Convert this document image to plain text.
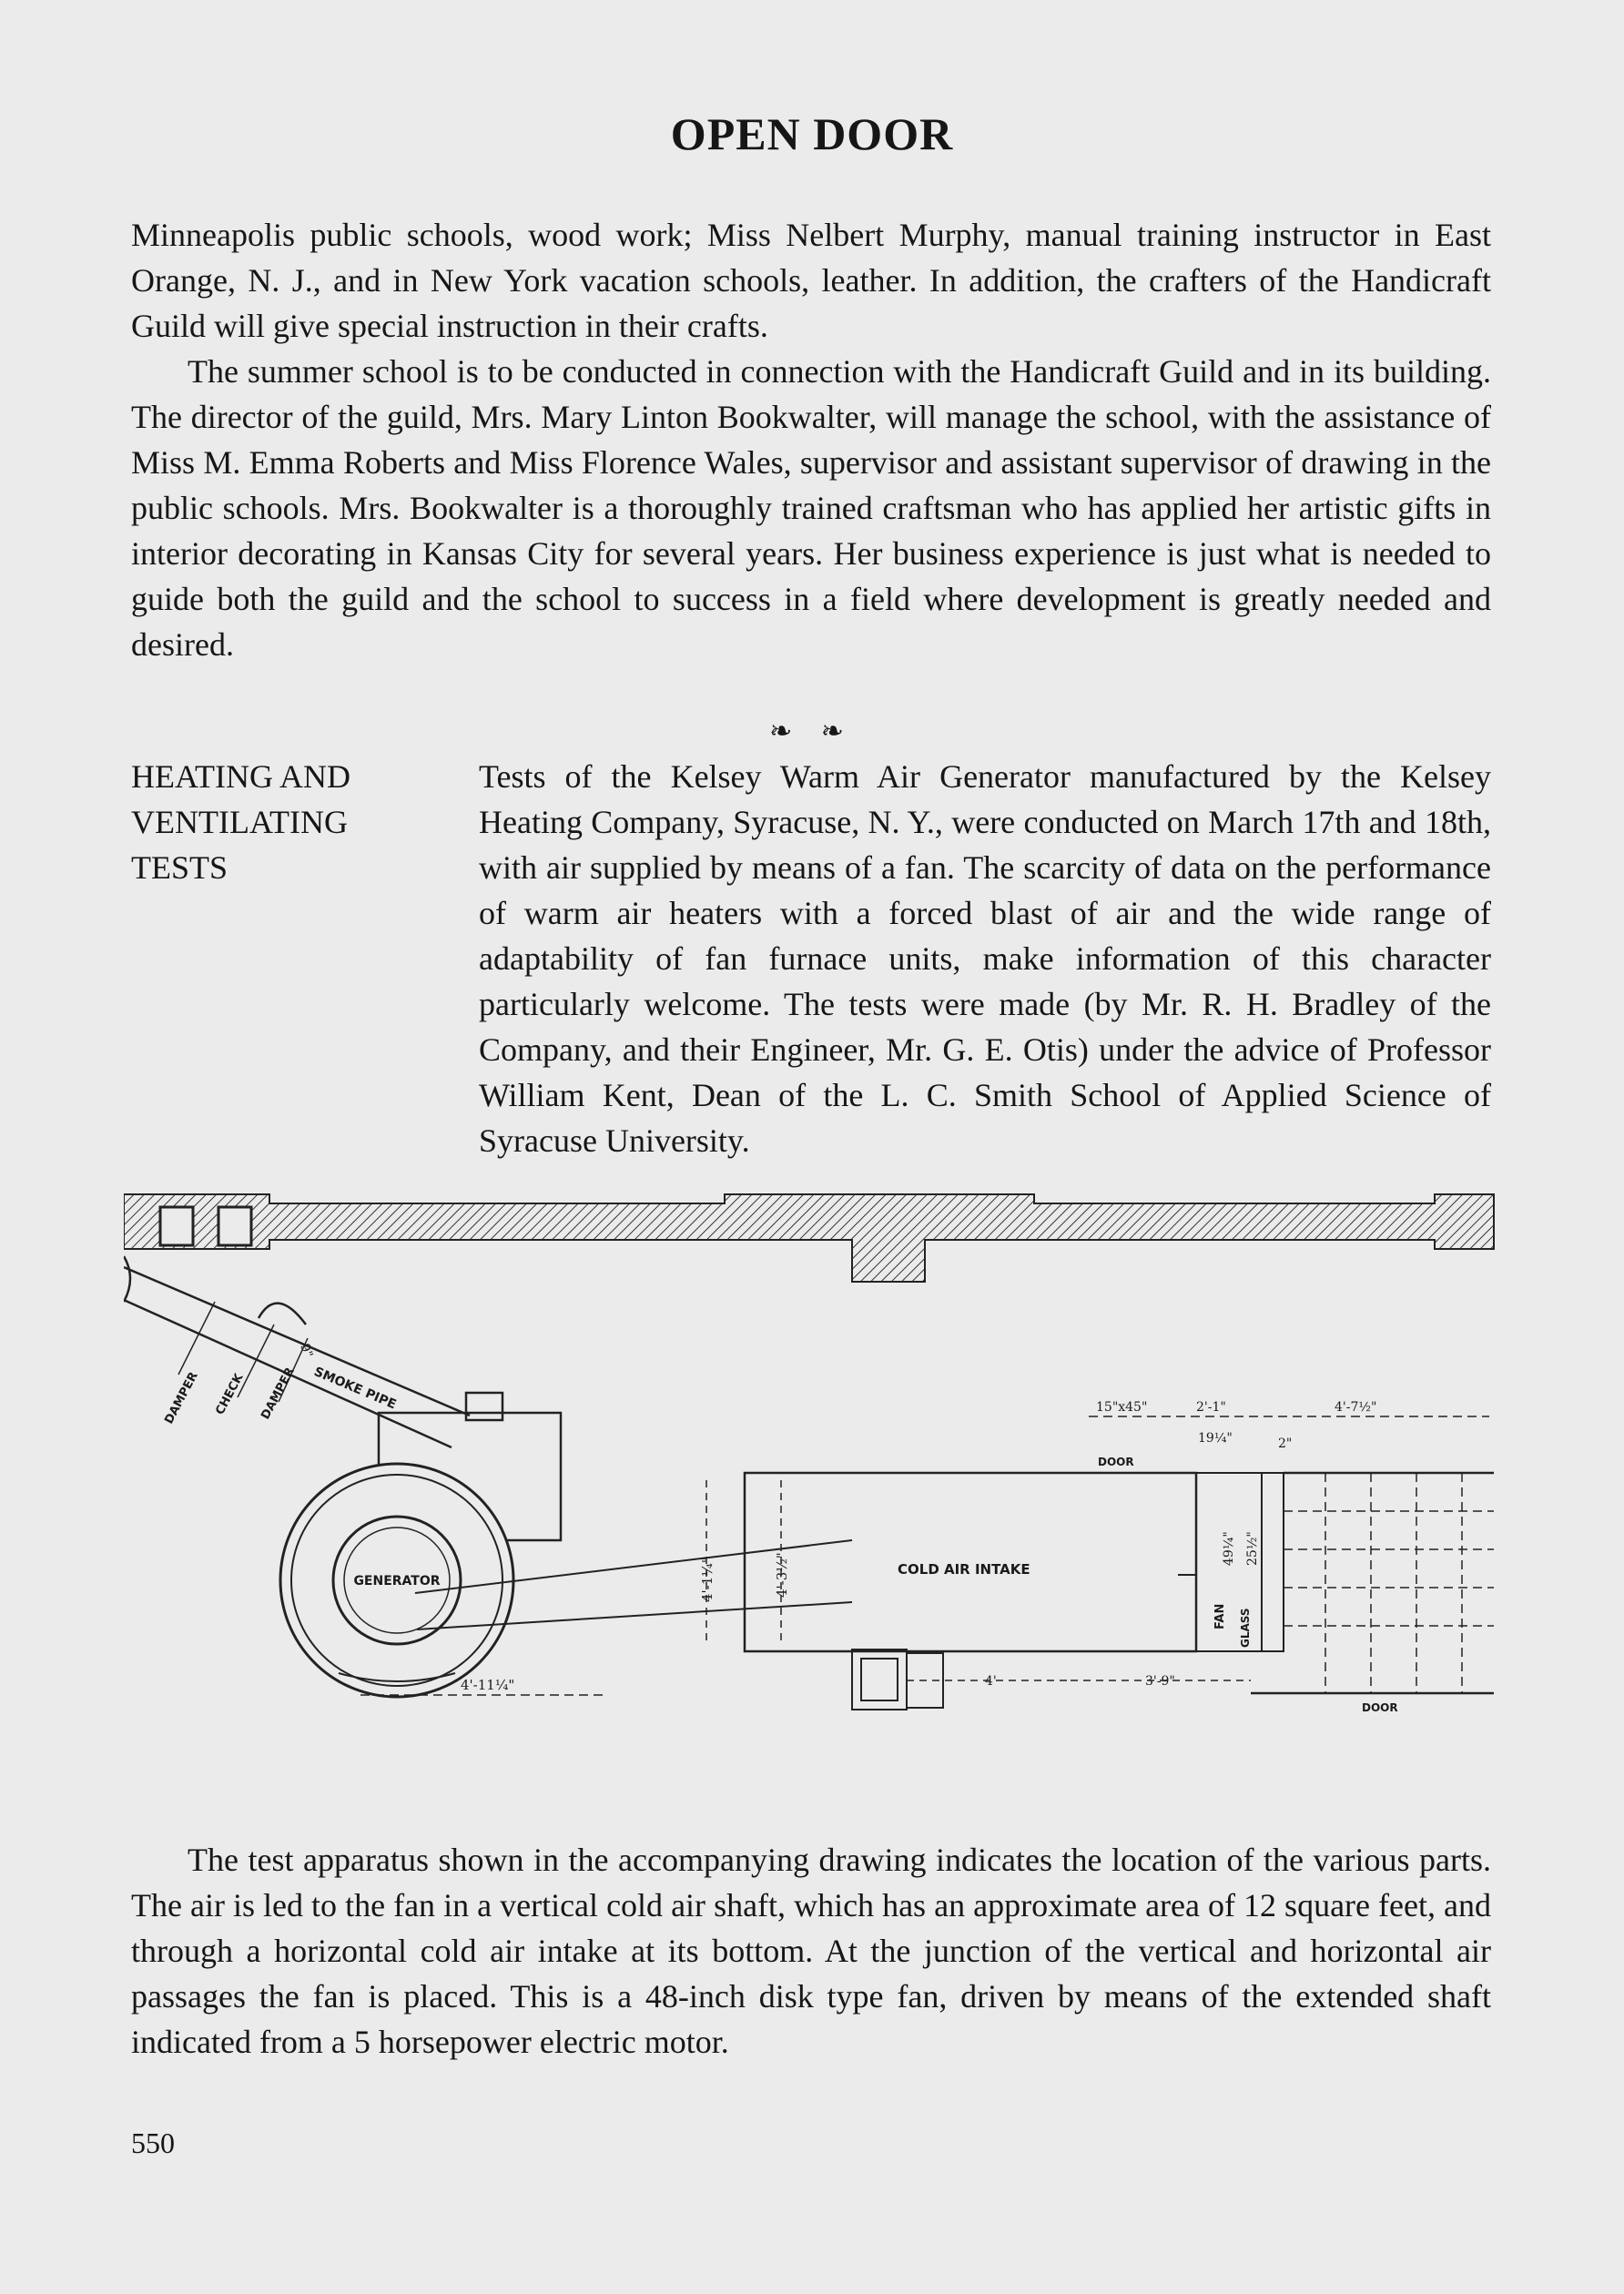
OPEN DOOR

Minneapolis public schools, wood work; Miss Nelbert Murphy, manual training instructor in East Orange, N. J., and in New York vacation schools, leather. In addition, the crafters of the Handicraft Guild will give special instruction in their crafts.

The summer school is to be conducted in connection with the Handicraft Guild and in its building. The director of the guild, Mrs. Mary Linton Bookwalter, will manage the school, with the assistance of Miss M. Emma Roberts and Miss Florence Wales, supervisor and assistant supervisor of drawing in the public schools. Mrs. Bookwalter is a thoroughly trained craftsman who has applied her artistic gifts in interior decorating in Kansas City for several years. Her business experience is just what is needed to guide both the guild and the school to success in a field where development is greatly needed and desired.

❧ ❧
HEATING AND
VENTILATING
TESTS

Tests of the Kelsey Warm Air Generator manufactured by the Kelsey Heating Company, Syracuse, N. Y., were conducted on March 17th and 18th, with air supplied by means of a fan. The scarcity of data on the performance of warm air heaters with a forced blast of air and the wide range of adaptability of fan furnace units, make information of this character particularly welcome. The tests were made (by Mr. R. H. Bradley of the Company, and their Engineer, Mr. G. E. Otis) under the advice of Professor William Kent, Dean of the L. C. Smith School of Applied Science of Syracuse University.

DAMPER CHECK DAMPER SMOKE PIPE
9"
GENERATOR
4'	3'-9"
COLD AIR INTAKE
4'-1¼"	4'-3½"
FAN GLASS
49¼" 25½"
DOOR
15"x45"
DOOR
2'-1"
19¼"
4'-7½"
2"
4'-11¼"

The test apparatus shown in the accompanying drawing indicates the location of the various parts. The air is led to the fan in a vertical cold air shaft, which has an approximate area of 12 square feet, and through a horizontal cold air intake at its bottom. At the junction of the vertical and horizontal air passages the fan is placed. This is a 48-inch disk type fan, driven by means of the extended shaft indicated from a 5 horsepower electric motor.

550
